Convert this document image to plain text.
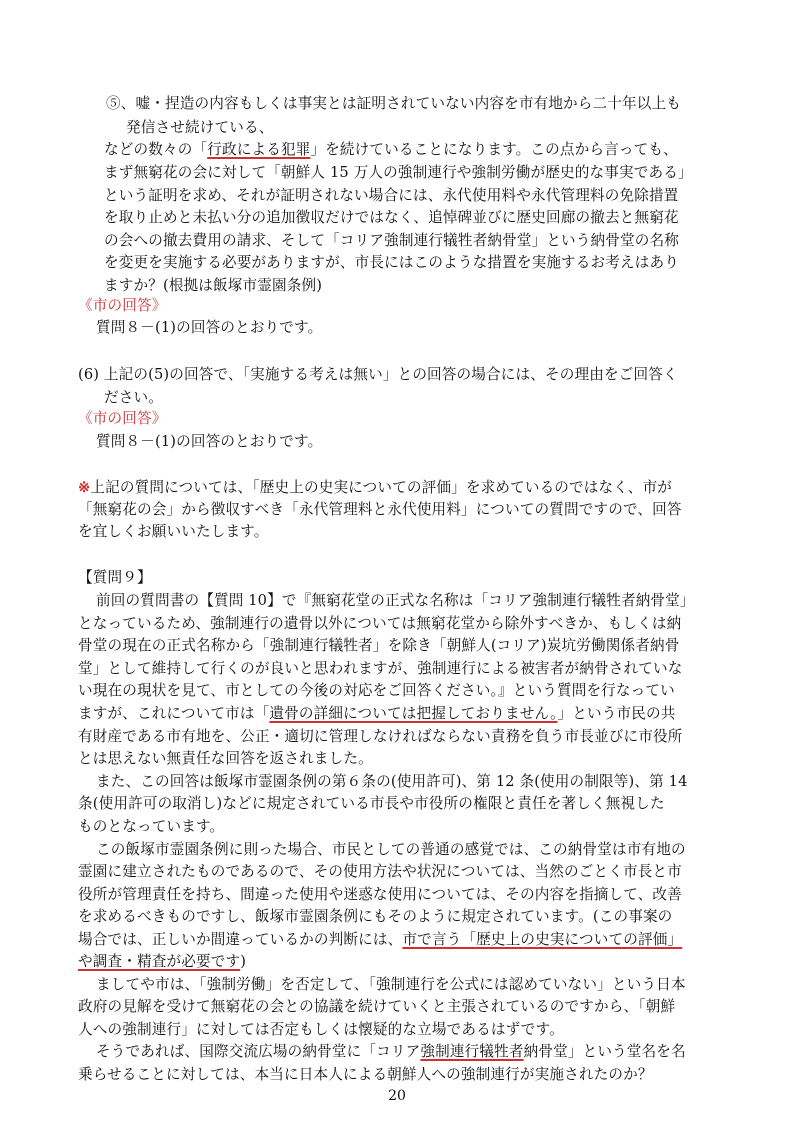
⑤、嘘・捏造の内容もしくは事実とは証明されていない内容を市有地から二十年以上も
発信させ続けている、
などの数々の「行政による犯罪」を続けていることになります。この点から言っても、
まず無窮花の会に対して「朝鮮人 15 万人の強制連行や強制労働が歴史的な事実である」
という証明を求め、それが証明されない場合には、永代使用料や永代管理料の免除措置
を取り止めと未払い分の追加徴収だけではなく、追悼碑並びに歴史回廊の撤去と無窮花
の会への撤去費用の請求、そして「コリア強制連行犠牲者納骨堂」という納骨堂の名称
を変更を実施する必要がありますが、市長にはこのような措置を実施するお考えはあり
ますか？(根拠は飯塚市霊園条例)
《市の回答》
質問８－(1)の回答のとおりです。
(6) 上記の(5)の回答で、「実施する考えは無い」との回答の場合には、その理由をご回答く
ださい。
《市の回答》
質問８－(1)の回答のとおりです。
※上記の質問については、「歴史上の史実についての評価」を求めているのではなく、市が
「無窮花の会」から徴収すべき「永代管理料と永代使用料」についての質問ですので、回答
を宜しくお願いいたします。
【質問９】
前回の質問書の【質問 10】で『無窮花堂の正式な名称は「コリア強制連行犠牲者納骨堂」
となっているため、強制連行の遺骨以外については無窮花堂から除外すべきか、もしくは納
骨堂の現在の正式名称から「強制連行犠牲者」を除き「朝鮮人(コリア)炭坑労働関係者納骨
堂」として維持して行くのが良いと思われますが、強制連行による被害者が納骨されていな
い現在の現状を見て、市としての今後の対応をご回答ください。』という質問を行なってい
ますが、これについて市は「遺骨の詳細については把握しておりません。」という市民の共
有財産である市有地を、公正・適切に管理しなければならない責務を負う市長並びに市役所
とは思えない無責任な回答を返されました。
また、この回答は飯塚市霊園条例の第６条の(使用許可)、第 12 条(使用の制限等)、第 14
条(使用許可の取消し)などに規定されている市長や市役所の権限と責任を著しく無視した
ものとなっています。
この飯塚市霊園条例に則った場合、市民としての普通の感覚では、この納骨堂は市有地の
霊園に建立されたものであるので、その使用方法や状況については、当然のごとく市長と市
役所が管理責任を持ち、間違った使用や迷惑な使用については、その内容を指摘して、改善
を求めるべきものですし、飯塚市霊園条例にもそのように規定されています。(この事案の
場合では、正しいか間違っているかの判断には、市で言う「歴史上の史実についての評価」
や調査・精査が必要です)
ましてや市は、「強制労働」を否定して、「強制連行を公式には認めていない」という日本
政府の見解を受けて無窮花の会との協議を続けていくと主張されているのですから、「朝鮮
人への強制連行」に対しては否定もしくは懐疑的な立場であるはずです。
そうであれば、国際交流広場の納骨堂に「コリア強制連行犠牲者納骨堂」という堂名を名
乗らせることに対しては、本当に日本人による朝鮮人への強制連行が実施されたのか？
20
